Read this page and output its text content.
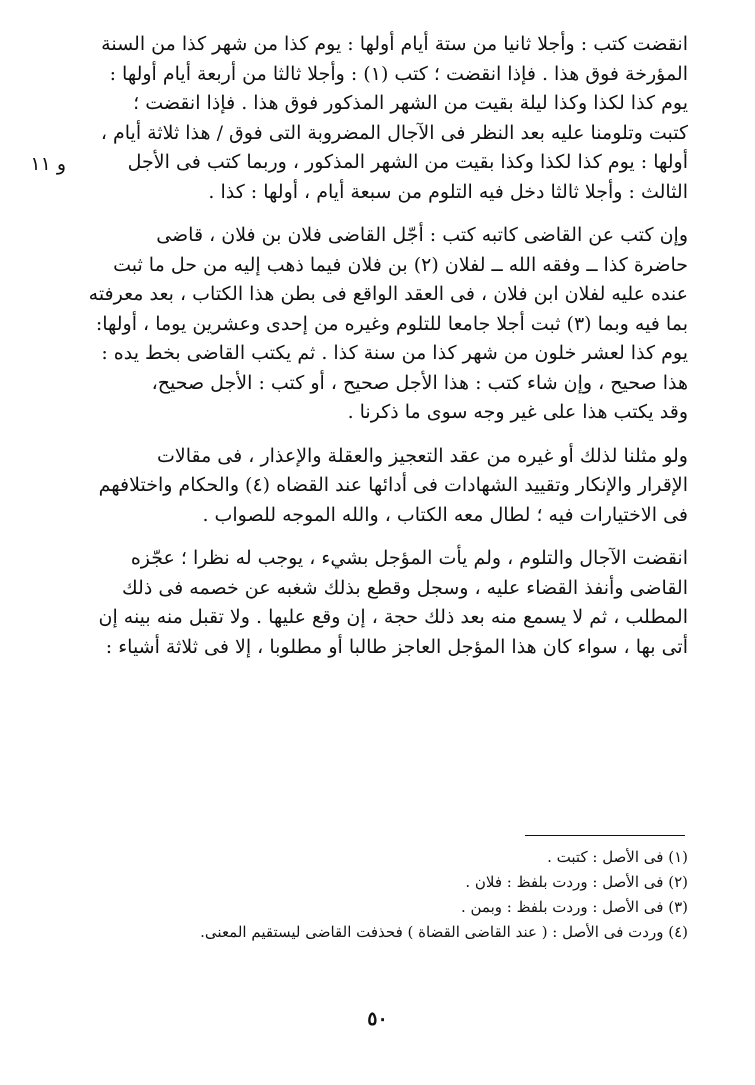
و ١١
انقضت كتب : وأجلا ثانيا من ستة أيام أولها : يوم كذا من شهر كذا من السنة
المؤرخة فوق هذا . فإذا انقضت ؛ كتب (١) : وأجلا ثالثا من أربعة أيام أولها :
يوم كذا لكذا وكذا ليلة بقيت من الشهر المذكور فوق هذا . فإذا انقضت ؛
كتبت وتلومنا عليه بعد النظر فى الآجال المضروبة التى فوق / هذا ثلاثة أيام ،
أولها : يوم كذا لكذا وكذا بقيت من الشهر المذكور ، وربما كتب فى الأجل
الثالث : وأجلا ثالثا دخل فيه التلوم من سبعة أيام ، أولها : كذا .
وإن كتب عن القاضى كاتبه كتب : أجّل القاضى فلان بن فلان ، قاضى
حاضرة كذا ــ وفقه الله ــ لفلان (٢) بن فلان فيما ذهب إليه من حل ما ثبت
عنده عليه لفلان ابن فلان ، فى العقد الواقع فى بطن هذا الكتاب ، بعد معرفته
بما فيه وبما (٣) ثبت أجلا جامعا للتلوم وغيره من إحدى وعشرين يوما ، أولها:
يوم كذا لعشر خلون من شهر كذا من سنة كذا . ثم يكتب القاضى بخط يده :
هذا صحيح ، وإن شاء كتب : هذا الأجل صحيح ، أو كتب : الأجل صحيح،
وقد يكتب هذا على غير وجه سوى ما ذكرنا .
ولو مثلنا لذلك أو غيره من عقد التعجيز والعقلة والإعذار ، فى مقالات
الإقرار والإنكار وتقييد الشهادات فى أدائها عند القضاه (٤) والحكام واختلافهم
فى الاختيارات فيه ؛ لطال معه الكتاب ، والله الموجه للصواب .
انقضت الآجال والتلوم ، ولم يأت المؤجل بشيء ، يوجب له نظرا ؛ عجّزه
القاضى وأنفذ القضاء عليه ، وسجل وقطع بذلك شغبه عن خصمه فى ذلك
المطلب ، ثم لا يسمع منه بعد ذلك حجة ، إن وقع عليها . ولا تقبل منه بينه إن
أتى بها ، سواء كان هذا المؤجل العاجز طالبا أو مطلوبا ، إلا فى ثلاثة أشياء :
(١) فى الأصل : كتبت .
(٢) فى الأصل : وردت بلفظ : فلان .
(٣) فى الأصل : وردت بلفظ : وبمن .
(٤) وردت فى الأصل : ( عند القاضى القضاة ) فحذفت القاضى ليستقيم المعنى.
٥٠
